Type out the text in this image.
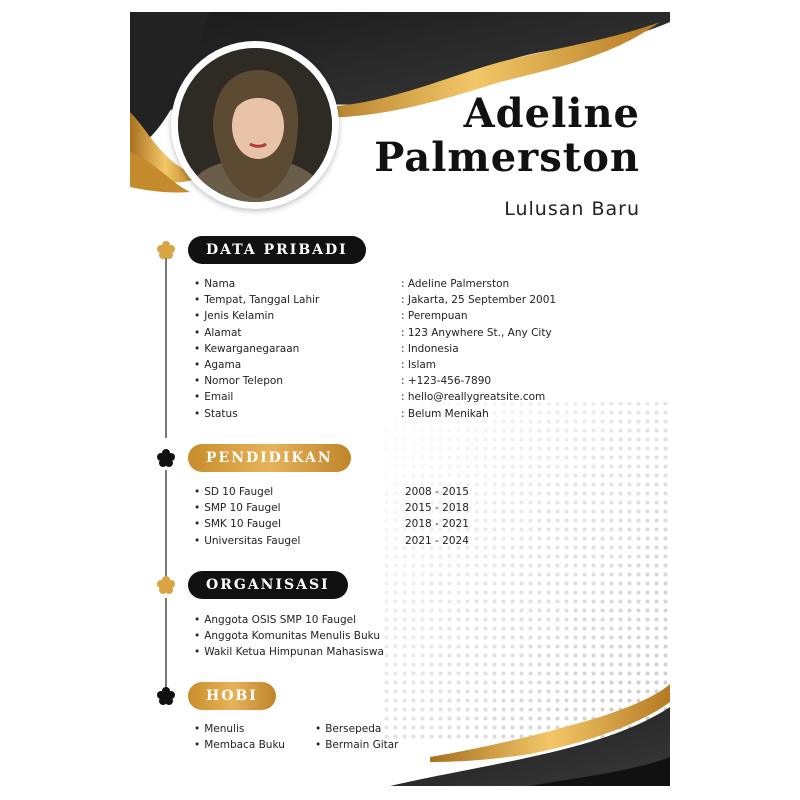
Adeline
Palmerston
Lulusan Baru
DATA PRIBADI
• Nama	: Adeline Palmerston
• Tempat, Tanggal Lahir	: Jakarta, 25 September 2001
• Jenis Kelamin	: Perempuan
• Alamat	: 123 Anywhere St., Any City
• Kewarganegaraan	: Indonesia
• Agama	: Islam
• Nomor Telepon	: +123-456-7890
• Email	: hello@reallygreatsite.com
• Status	: Belum Menikah
PENDIDIKAN
• SD 10 Faugel	2008 - 2015
• SMP 10 Faugel	2015 - 2018
• SMK 10 Faugel	2018 - 2021
• Universitas Faugel	2021 - 2024
ORGANISASI
• Anggota OSIS SMP 10 Faugel
• Anggota Komunitas Menulis Buku
• Wakil Ketua Himpunan Mahasiswa
HOBI
• Menulis	• Bersepeda
• Membaca Buku	• Bermain Gitar
